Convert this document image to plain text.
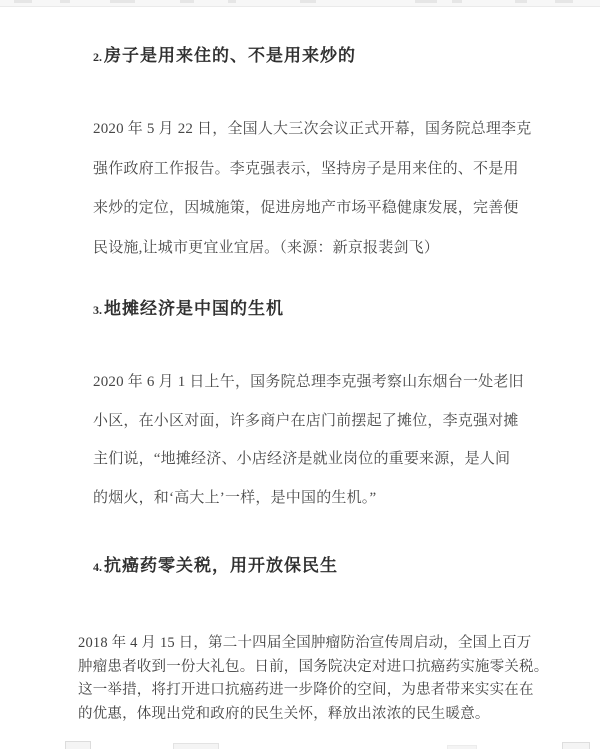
2. 房子是用来住的、不是用来炒的
2020 年 5 月 22 日，全国人大三次会议正式开幕，国务院总理李克
强作政府工作报告。李克强表示，坚持房子是用来住的、不是用
来炒的定位，因城施策，促进房地产市场平稳健康发展，完善便
民设施,让城市更宜业宜居。（来源：新京报裴剑飞）
3. 地摊经济是中国的生机
2020 年 6 月 1 日上午，国务院总理李克强考察山东烟台一处老旧
小区，在小区对面，许多商户在店门前摆起了摊位，李克强对摊
主们说，“地摊经济、小店经济是就业岗位的重要来源，是人间
的烟火，和‘高大上’一样，是中国的生机。”
4. 抗癌药零关税，用开放保民生
2018 年 4 月 15 日，第二十四届全国肿瘤防治宣传周启动，全国上百万
肿瘤患者收到一份大礼包。日前，国务院决定对进口抗癌药实施零关税。
这一举措，将打开进口抗癌药进一步降价的空间，为患者带来实实在在
的优惠，体现出党和政府的民生关怀，释放出浓浓的民生暖意。
